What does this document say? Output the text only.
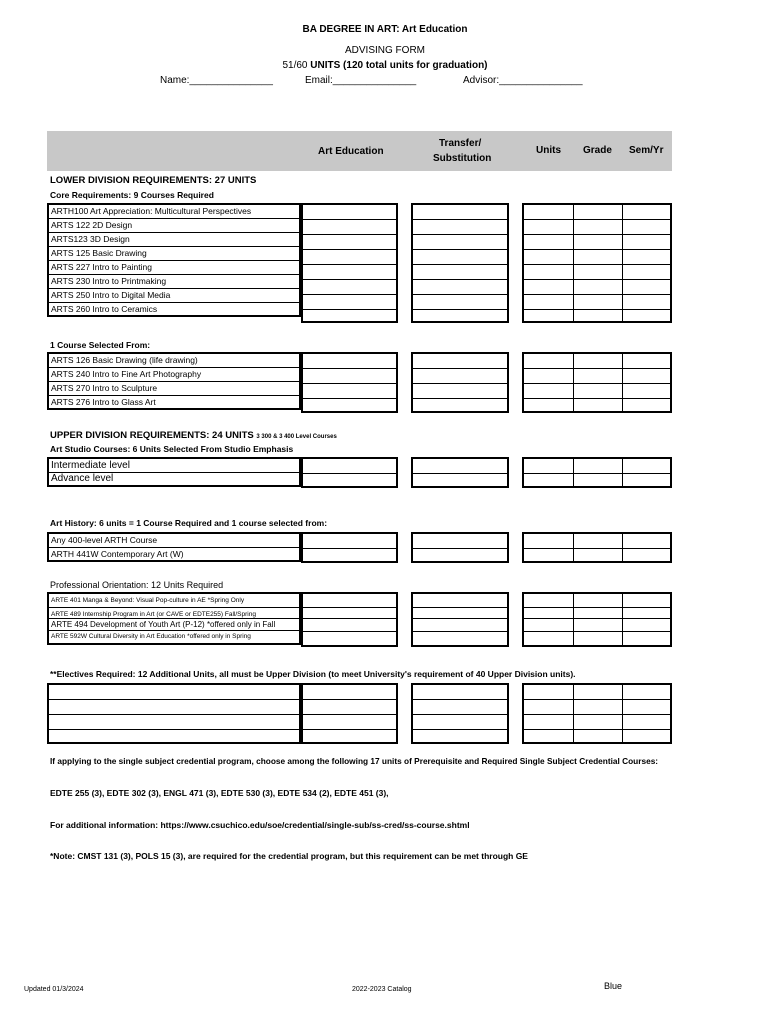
BA DEGREE IN ART: Art Education
ADVISING FORM
51/60 UNITS (120 total units for graduation)
Name:_______________	Email:_______________	Advisor:_______________
Art Education
Transfer/
Substitution
Units Grade Sem/Yr
LOWER DIVISION REQUIREMENTS: 27 UNITS
Core Requirements: 9 Courses Required
ARTH100 Art Appreciation: Multicultural Perspectives
ARTS 122 2D Design
ARTS123 3D Design
ARTS 125 Basic Drawing
ARTS 227 Intro to Painting
ARTS 230 Intro to Printmaking
ARTS 250 Intro to Digital Media
ARTS 260 Intro to Ceramics
1 Course Selected From:
ARTS 126 Basic Drawing (life drawing)
ARTS 240 Intro to Fine Art Photography
ARTS 270 Intro to Sculpture
ARTS 276 Intro to Glass Art
UPPER DIVISION REQUIREMENTS: 24 UNITS 3 300 & 3 400 Level Courses
Art Studio Courses: 6 Units Selected From Studio Emphasis
Intermediate level
Advance level
Art History: 6 units = 1 Course Required and 1 course selected from:
Any 400-level ARTH Course
ARTH 441W Contemporary Art (W)
Professional Orientation: 12 Units Required
ARTE 401 Manga & Beyond: Visual Pop-culture in AE *Spring Only
ARTE 489 Internship Program in Art (or CAVE or EDTE255) Fall/Spring
ARTE 494 Development of Youth Art (P-12) *offered only in Fall
ARTE 592W Cultural Diversity in Art Education *offered only in Spring
**Electives Required: 12 Additional Units, all must be Upper Division (to meet University's requirement of 40 Upper Division units).
If applying to the single subject credential program, choose among the following 17 units of Prerequisite and Required Single Subject Credential Courses:
EDTE 255 (3), EDTE 302 (3), ENGL 471 (3), EDTE 530 (3), EDTE 534 (2), EDTE 451 (3),
For additional information: https://www.csuchico.edu/soe/credential/single-sub/ss-cred/ss-course.shtml
*Note: CMST 131 (3), POLS 15 (3), are required for the credential program, but this requirement can be met through GE
Updated 01/3/2024	2022-2023 Catalog	Blue
